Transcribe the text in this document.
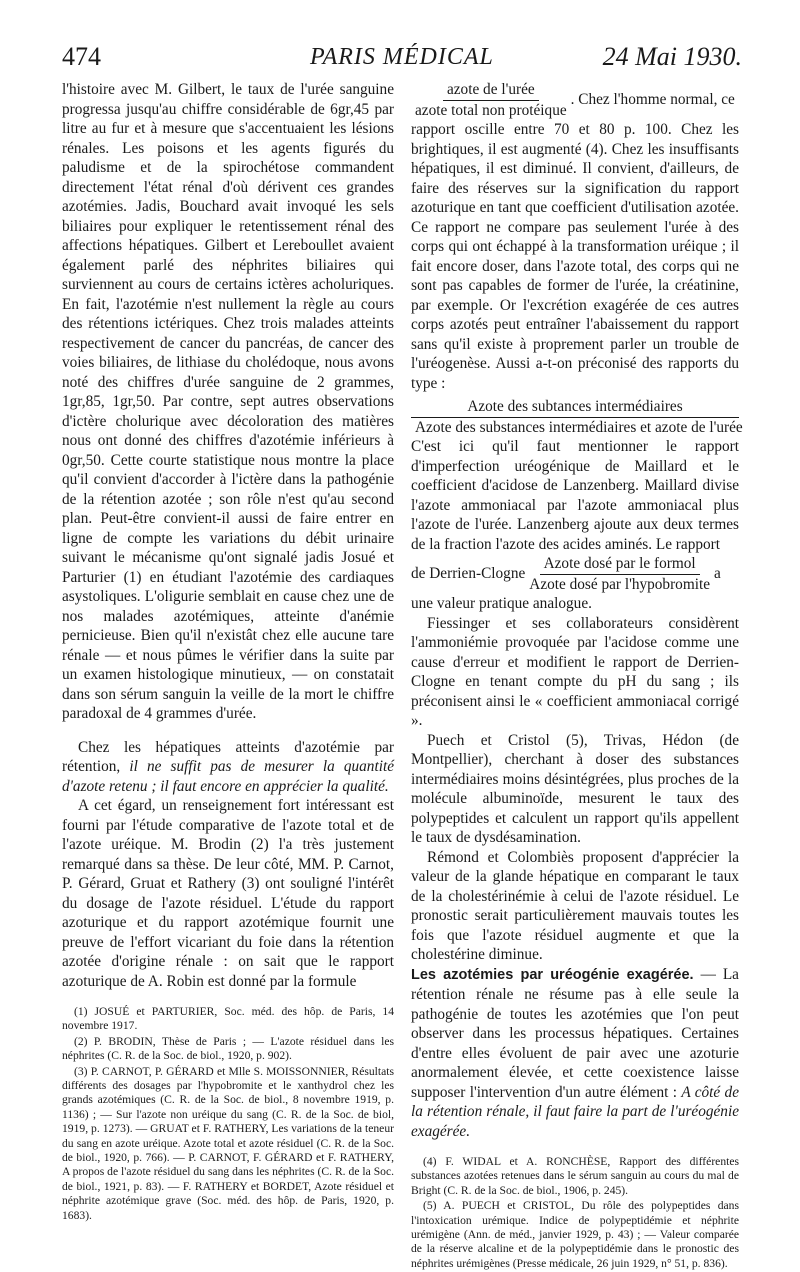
474	PARIS MÉDICAL	24 Mai 1930.

l'histoire avec M. Gilbert, le taux de l'urée sanguine progressa jusqu'au chiffre considérable de 6gr,45 par litre au fur et à mesure que s'accentuaient les lésions rénales. Les poisons et les agents figurés du paludisme et de la spirochétose commandent directement l'état rénal d'où dérivent ces grandes azotémies. Jadis, Bouchard avait invoqué les sels biliaires pour expliquer le retentissement rénal des affections hépatiques. Gilbert et Lereboullet avaient également parlé des néphrites biliaires qui surviennent au cours de certains ictères acholuriques. En fait, l'azotémie n'est nullement la règle au cours des rétentions ictériques. Chez trois malades atteints respectivement de cancer du pancréas, de cancer des voies biliaires, de lithiase du cholédoque, nous avons noté des chiffres d'urée sanguine de 2 grammes, 1gr,85, 1gr,50. Par contre, sept autres observations d'ictère cholurique avec décoloration des matières nous ont donné des chiffres d'azotémie inférieurs à 0gr,50. Cette courte statistique nous montre la place qu'il convient d'accorder à l'ictère dans la pathogénie de la rétention azotée ; son rôle n'est qu'au second plan. Peut-être convient-il aussi de faire entrer en ligne de compte les variations du débit urinaire suivant le mécanisme qu'ont signalé jadis Josué et Parturier (1) en étudiant l'azotémie des cardiaques asystoliques. L'oligurie semblait en cause chez une de nos malades azotémiques, atteinte d'anémie pernicieuse. Bien qu'il n'existât chez elle aucune tare rénale — et nous pûmes le vérifier dans la suite par un examen histologique minutieux, — on constatait dans son sérum sanguin la veille de la mort le chiffre paradoxal de 4 grammes d'urée.

Chez les hépatiques atteints d'azotémie par rétention, il ne suffit pas de mesurer la quantité d'azote retenu ; il faut encore en apprécier la qualité.

A cet égard, un renseignement fort intéressant est fourni par l'étude comparative de l'azote total et de l'azote uréique. M. Brodin (2) l'a très justement remarqué dans sa thèse. De leur côté, MM. P. Carnot, P. Gérard, Gruat et Rathery (3) ont souligné l'intérêt du dosage de l'azote résiduel. L'étude du rapport azoturique et du rapport azotémique fournit une preuve de l'effort vicariant du foie dans la rétention azotée d'origine rénale : on sait que le rapport azoturique de A. Robin est donné par la formule

(1) JOSUÉ et PARTURIER, Soc. méd. des hôp. de Paris, 14 novembre 1917.

(2) P. BRODIN, Thèse de Paris ; — L'azote résiduel dans les néphrites (C. R. de la Soc. de biol., 1920, p. 902).

(3) P. CARNOT, P. GÉRARD et Mlle S. MOISSONNIER, Résultats différents des dosages par l'hypobromite et le xanthydrol chez les grands azotémiques (C. R. de la Soc. de biol., 8 novembre 1919, p. 1136) ; — Sur l'azote non uréique du sang (C. R. de la Soc. de biol, 1919, p. 1273). — GRUAT et F. RATHERY, Les variations de la teneur du sang en azote uréique. Azote total et azote résiduel (C. R. de la Soc. de biol., 1920, p. 766). — P. CARNOT, F. GÉRARD et F. RATHERY, A propos de l'azote résiduel du sang dans les néphrites (C. R. de la Soc. de biol., 1921, p. 83). — F. RATHERY et BORDET, Azote résiduel et néphrite azotémique grave (Soc. méd. des hôp. de Paris, 1920, p. 1683).

$\frac{\text{azote de l'urée}}{\text{azote total non protéique}}$ . Chez l'homme normal, ce

rapport oscille entre 70 et 80 p. 100. Chez les brightiques, il est augmenté (4). Chez les insuffisants hépatiques, il est diminué. Il convient, d'ailleurs, de faire des réserves sur la signification du rapport azoturique en tant que coefficient d'utilisation azotée. Ce rapport ne compare pas seulement l'urée à des corps qui ont échappé à la transformation uréique ; il fait encore doser, dans l'azote total, des corps qui ne sont pas capables de former de l'urée, la créatinine, par exemple. Or l'excrétion exagérée de ces autres corps azotés peut entraîner l'abaissement du rapport sans qu'il existe à proprement parler un trouble de l'uréogenèse. Aussi a-t-on préconisé des rapports du type :

Azote des subtances intermédiaires
Azote des substances intermédiaires et azote de l'urée

C'est ici qu'il faut mentionner le rapport d'imperfection uréogénique de Maillard et le coefficient d'acidose de Lanzenberg. Maillard divise l'azote ammoniacal par l'azote ammoniacal plus l'azote de l'urée. Lanzenberg ajoute aux deux termes de la fraction l'azote des acides aminés. Le rapport

de Derrien-Clogne $\frac{\text{Azote dosé par le formol}}{\text{Azote dosé par l'hypobromite}}$ a

une valeur pratique analogue.

Fiessinger et ses collaborateurs considèrent l'ammoniémie provoquée par l'acidose comme une cause d'erreur et modifient le rapport de Derrien-Clogne en tenant compte du pH du sang ; ils préconisent ainsi le « coefficient ammoniacal corrigé ».

Puech et Cristol (5), Trivas, Hédon (de Montpellier), cherchant à doser des substances intermédiaires moins désintégrées, plus proches de la molécule albuminoïde, mesurent le taux des polypeptides et calculent un rapport qu'ils appellent le taux de dysdésamination.

Rémond et Colombiès proposent d'apprécier la valeur de la glande hépatique en comparant le taux de la cholestérinémie à celui de l'azote résiduel. Le pronostic serait particulièrement mauvais toutes les fois que l'azote résiduel augmente et que la cholestérine diminue.

Les azotémies par uréogénie exagérée. — La rétention rénale ne résume pas à elle seule la pathogénie de toutes les azotémies que l'on peut observer dans les processus hépatiques. Certaines d'entre elles évoluent de pair avec une azoturie anormalement élevée, et cette coexistence laisse supposer l'intervention d'un autre élément : A côté de la rétention rénale, il faut faire la part de l'uréogénie exagérée.

(4) F. WIDAL et A. RONCHÈSE, Rapport des différentes substances azotées retenues dans le sérum sanguin au cours du mal de Bright (C. R. de la Soc. de biol., 1906, p. 245).

(5) A. PUECH et CRISTOL, Du rôle des polypeptides dans l'intoxication urémique. Indice de polypeptidémie et néphrite urémigène (Ann. de méd., janvier 1929, p. 43) ; — Valeur comparée de la réserve alcaline et de la polypeptidémie dans le pronostic des néphrites urémigènes (Presse médicale, 26 juin 1929, n° 51, p. 836).
